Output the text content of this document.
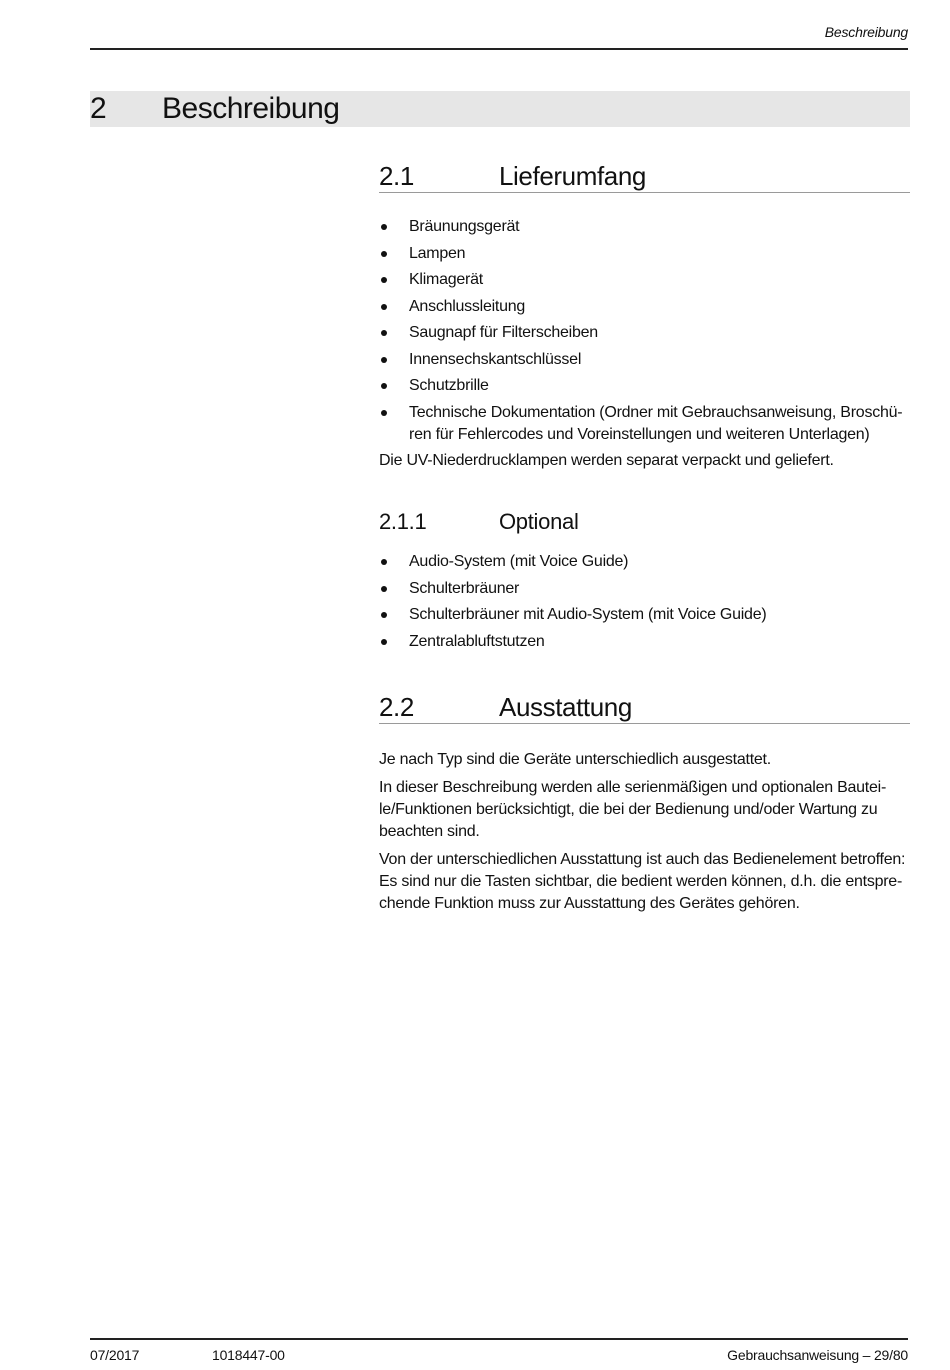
Beschreibung
2 Beschreibung
2.1	Lieferumfang
Bräunungsgerät
Lampen
Klimagerät
Anschlussleitung
Saugnapf für Filterscheiben
Innensechskantschlüssel
Schutzbrille
Technische Dokumentation (Ordner mit Gebrauchsanweisung, Broschü-ren für Fehlercodes und Voreinstellungen und weiteren Unterlagen)

Die UV-Niederdrucklampen werden separat verpackt und geliefert.

2.1.1	Optional
Audio-System (mit Voice Guide)
Schulterbräuner
Schulterbräuner mit Audio-System (mit Voice Guide)
Zentralabluftstutzen
2.2	Ausstattung

Je nach Typ sind die Geräte unterschiedlich ausgestattet.

In dieser Beschreibung werden alle serienmäßigen und optionalen Bautei-le/Funktionen berücksichtigt, die bei der Bedienung und/oder Wartung zu beachten sind.

Von der unterschiedlichen Ausstattung ist auch das Bedienelement betroffen: Es sind nur die Tasten sichtbar, die bedient werden können, d.h. die entspre-chende Funktion muss zur Ausstattung des Gerätes gehören.

07/2017	1018447-00	Gebrauchsanweisung – 29/80
